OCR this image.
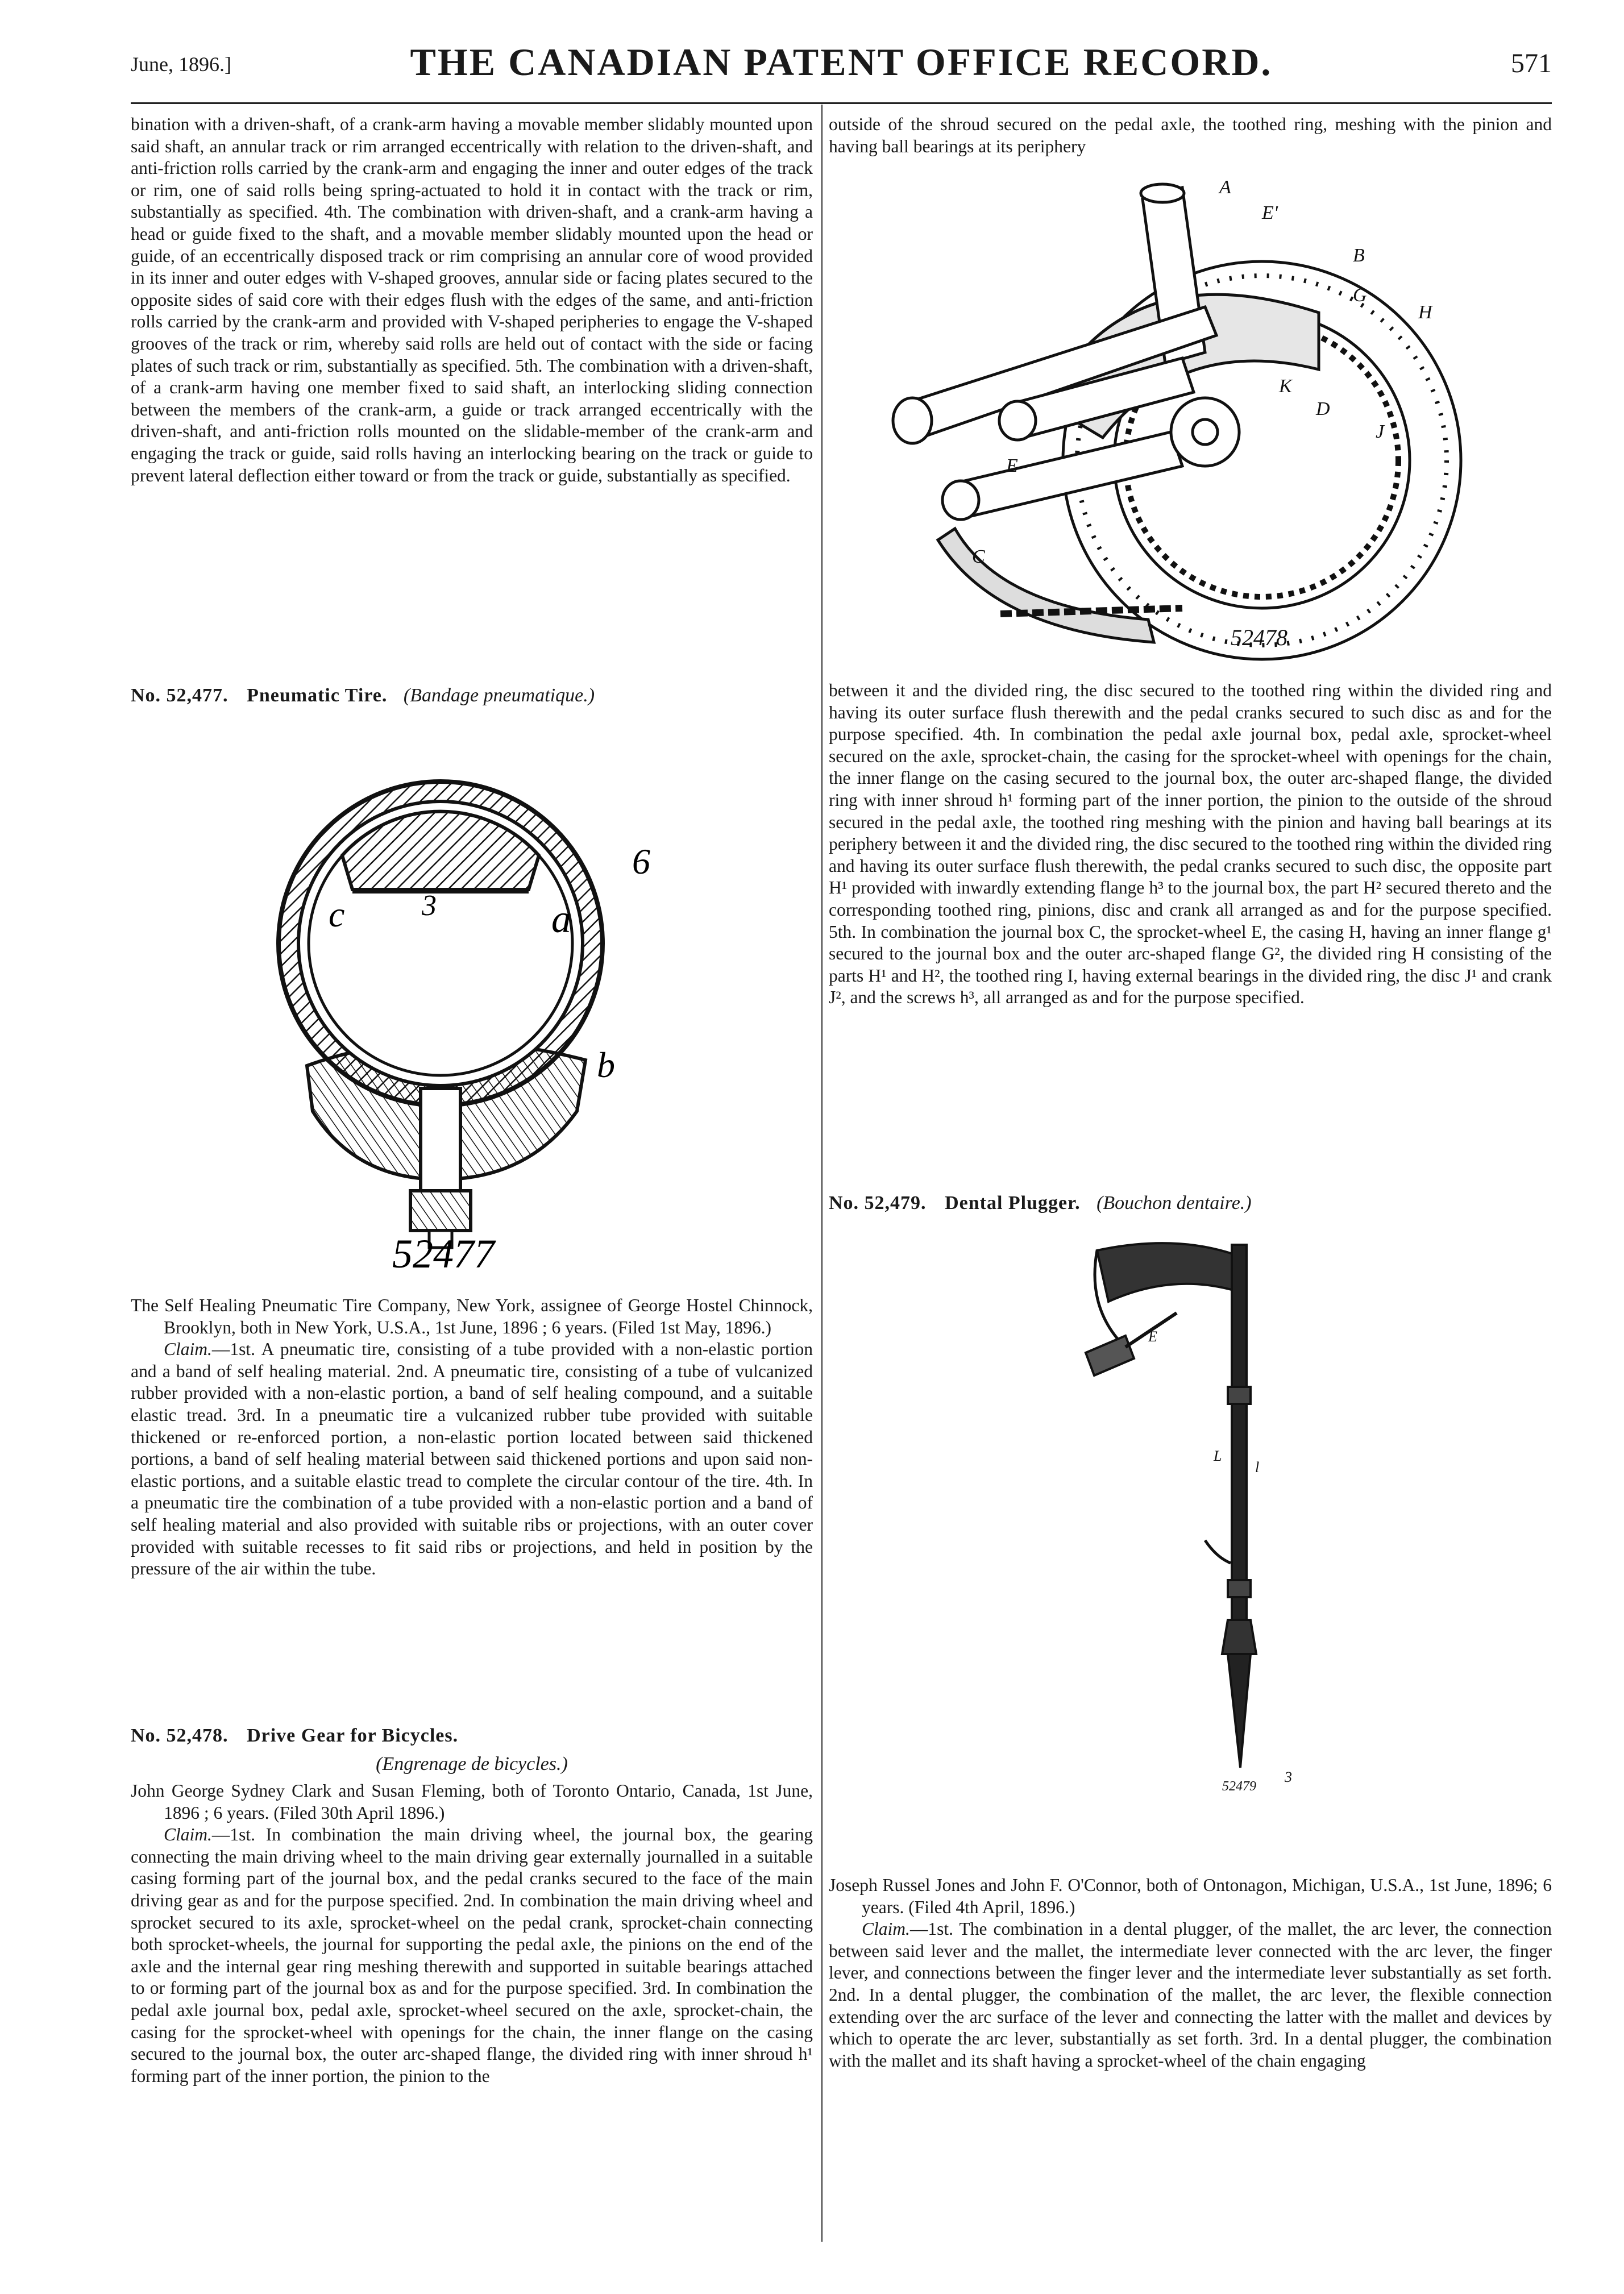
June, 1896.]	THE CANADIAN PATENT OFFICE RECORD.	571

bination with a driven-shaft, of a crank-arm having a movable member slidably mounted upon said shaft, an annular track or rim arranged eccentrically with relation to the driven-shaft, and anti-friction rolls carried by the crank-arm and engaging the inner and outer edges of the track or rim, one of said rolls being spring-actuated to hold it in contact with the track or rim, substantially as specified. 4th. The combination with driven-shaft, and a crank-arm having a head or guide fixed to the shaft, and a movable member slidably mounted upon the head or guide, of an eccentrically disposed track or rim comprising an annular core of wood provided in its inner and outer edges with V-shaped grooves, annular side or facing plates secured to the opposite sides of said core with their edges flush with the edges of the same, and anti-friction rolls carried by the crank-arm and provided with V-shaped peripheries to engage the V-shaped grooves of the track or rim, whereby said rolls are held out of contact with the side or facing plates of such track or rim, substantially as specified. 5th. The combination with a driven-shaft, of a crank-arm having one member fixed to said shaft, an interlocking sliding connection between the members of the crank-arm, a guide or track arranged eccentrically with the driven-shaft, and anti-friction rolls mounted on the slidable-member of the crank-arm and engaging the track or guide, said rolls having an interlocking bearing on the track or guide to prevent lateral deflection either toward or from the track or guide, substantially as specified.

No. 52,477. Pneumatic Tire. (Bandage pneumatique.)
c	3
6
a
b
52477

The Self Healing Pneumatic Tire Company, New York, assignee of George Hostel Chinnock, Brooklyn, both in New York, U.S.A., 1st June, 1896 ; 6 years. (Filed 1st May, 1896.)

Claim.—1st. A pneumatic tire, consisting of a tube provided with a non-elastic portion and a band of self healing material. 2nd. A pneumatic tire, consisting of a tube of vulcanized rubber provided with a non-elastic portion, a band of self healing compound, and a suitable elastic tread. 3rd. In a pneumatic tire a vulcanized rubber tube provided with suitable thickened or re-enforced portion, a non-elastic portion located between said thickened portions, a band of self healing material between said thickened portions and upon said non-elastic portions, and a suitable elastic tread to complete the circular contour of the tire. 4th. In a pneumatic tire the combination of a tube provided with a non-elastic portion and a band of self healing material and also provided with suitable ribs or projections, with an outer cover provided with suitable recesses to fit said ribs or projections, and held in position by the pressure of the air within the tube.

No. 52,478. Drive Gear for Bicycles.
(Engrenage de bicycles.)

John George Sydney Clark and Susan Fleming, both of Toronto Ontario, Canada, 1st June, 1896 ; 6 years. (Filed 30th April 1896.)

Claim.—1st. In combination the main driving wheel, the journal box, the gearing connecting the main driving wheel to the main driving gear externally journalled in a suitable casing forming part of the journal box, and the pedal cranks secured to the face of the main driving gear as and for the purpose specified. 2nd. In combination the main driving wheel and sprocket secured to its axle, sprocket-wheel on the pedal crank, sprocket-chain connecting both sprocket-wheels, the journal for supporting the pedal axle, the pinions on the end of the axle and the internal gear ring meshing therewith and supported in suitable bearings attached to or forming part of the journal box as and for the purpose specified. 3rd. In combination the pedal axle journal box, pedal axle, sprocket-wheel secured on the axle, sprocket-chain, the casing for the sprocket-wheel with openings for the chain, the inner flange on the casing secured to the journal box, the outer arc-shaped flange, the divided ring with inner shroud h¹ forming part of the inner portion, the pinion to the

outside of the shroud secured on the pedal axle, the toothed ring, meshing with the pinion and having ball bearings at its periphery

A
E'
B
H
G
J
C
D
E
K
52478

between it and the divided ring, the disc secured to the toothed ring within the divided ring and having its outer surface flush therewith and the pedal cranks secured to such disc as and for the purpose specified. 4th. In combination the pedal axle journal box, pedal axle, sprocket-wheel secured on the axle, sprocket-chain, the casing for the sprocket-wheel with openings for the chain, the inner flange on the casing secured to the journal box, the outer arc-shaped flange, the divided ring with inner shroud h¹ forming part of the inner portion, the pinion to the outside of the shroud secured in the pedal axle, the toothed ring meshing with the pinion and having ball bearings at its periphery between it and the divided ring, the disc secured to the toothed ring within the divided ring and having its outer surface flush therewith, the pedal cranks secured to such disc, the opposite part H¹ provided with inwardly extending flange h³ to the journal box, the part H² secured thereto and the corresponding toothed ring, pinions, disc and crank all arranged as and for the purpose specified. 5th. In combination the journal box C, the sprocket-wheel E, the casing H, having an inner flange g¹ secured to the journal box and the outer arc-shaped flange G², the divided ring H consisting of the parts H¹ and H², the toothed ring I, having external bearings in the divided ring, the disc J¹ and crank J², and the screws h³, all arranged as and for the purpose specified.

No. 52,479. Dental Plugger. (Bouchon dentaire.)
E
L
l
3
52479

Joseph Russel Jones and John F. O'Connor, both of Ontonagon, Michigan, U.S.A., 1st June, 1896; 6 years. (Filed 4th April, 1896.)

Claim.—1st. The combination in a dental plugger, of the mallet, the arc lever, the connection between said lever and the mallet, the intermediate lever connected with the arc lever, the finger lever, and connections between the finger lever and the intermediate lever substantially as set forth. 2nd. In a dental plugger, the combination of the mallet, the arc lever, the flexible connection extending over the arc surface of the lever and connecting the latter with the mallet and devices by which to operate the arc lever, substantially as set forth. 3rd. In a dental plugger, the combination with the mallet and its shaft having a sprocket-wheel of the chain engaging
